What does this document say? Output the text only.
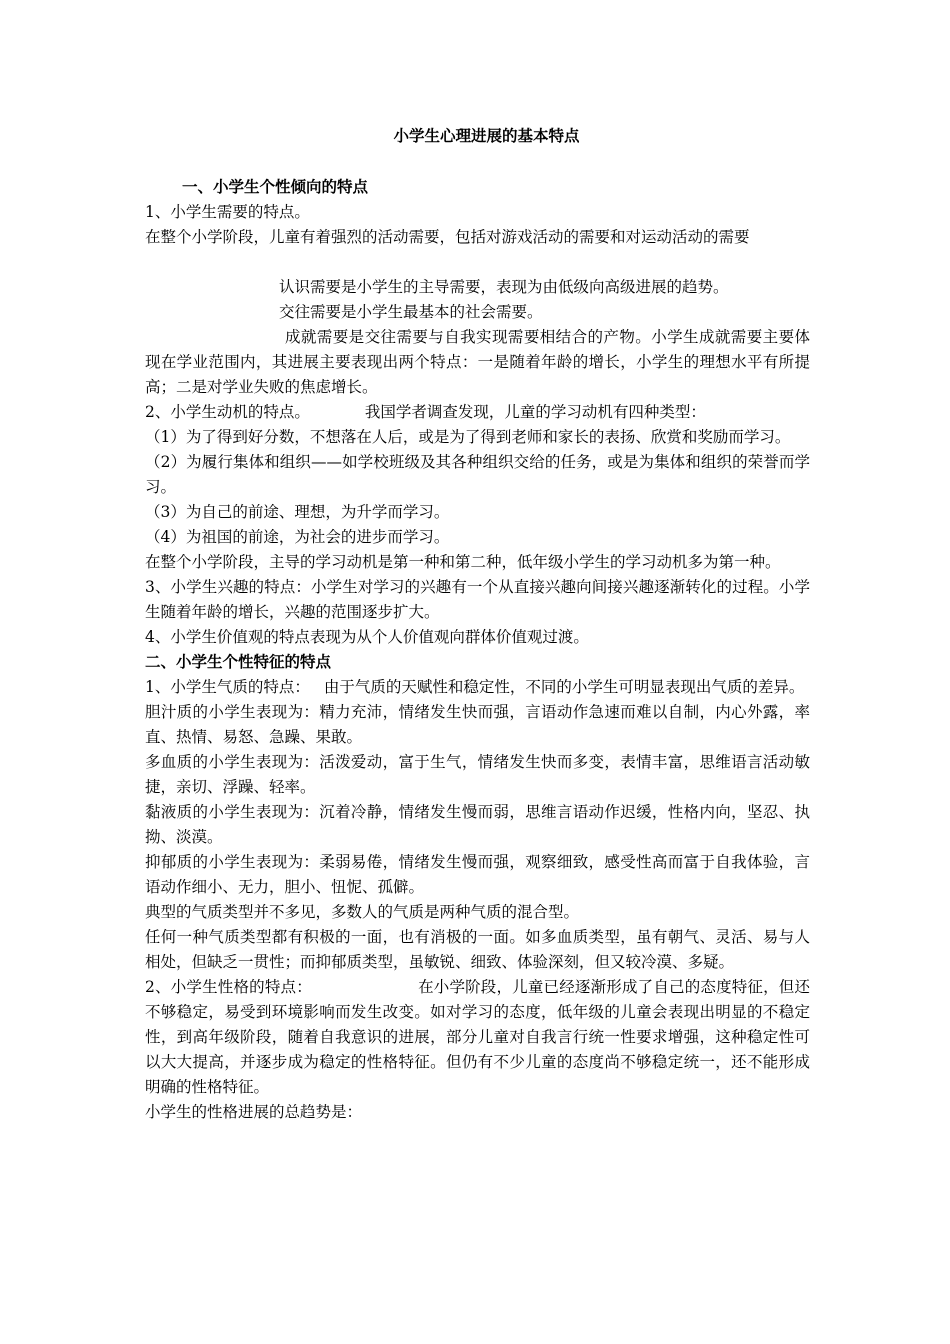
小学生心理进展的基本特点
一、小学生个性倾向的特点

1、小学生需要的特点。

在整个小学阶段，儿童有着强烈的活动需要，包括对游戏活动的需要和对运动活动的需要

认识需要是小学生的主导需要，表现为由低级向高级进展的趋势。

交往需要是小学生最基本的社会需要。

成就需要是交往需要与自我实现需要相结合的产物。小学生成就需要主要体现在学业范围内，其进展主要表现出两个特点：一是随着年龄的增长，小学生的理想水平有所提高；二是对学业失败的焦虑增长。

2、小学生动机的特点。	我国学者调查发现，儿童的学习动机有四种类型：

（1）为了得到好分数，不想落在人后，或是为了得到老师和家长的表扬、欣赏和奖励而学习。

（2）为履行集体和组织——如学校班级及其各种组织交给的任务，或是为集体和组织的荣誉而学习。

（3）为自己的前途、理想，为升学而学习。

（4）为祖国的前途，为社会的进步而学习。

在整个小学阶段，主导的学习动机是第一种和第二种，低年级小学生的学习动机多为第一种。

3、小学生兴趣的特点：小学生对学习的兴趣有一个从直接兴趣向间接兴趣逐渐转化的过程。小学生随着年龄的增长，兴趣的范围逐步扩大。

4、小学生价值观的特点表现为从个人价值观向群体价值观过渡。

二、小学生个性特征的特点

1、小学生气质的特点： 由于气质的天赋性和稳定性，不同的小学生可明显表现出气质的差异。

胆汁质的小学生表现为：精力充沛，情绪发生快而强，言语动作急速而难以自制，内心外露，率直、热情、易怒、急躁、果敢。

多血质的小学生表现为：活泼爱动，富于生气，情绪发生快而多变，表情丰富，思维语言活动敏捷，亲切、浮躁、轻率。

黏液质的小学生表现为：沉着冷静，情绪发生慢而弱，思维言语动作迟缓，性格内向，坚忍、执拗、淡漠。

抑郁质的小学生表现为：柔弱易倦，情绪发生慢而强，观察细致，感受性高而富于自我体验，言语动作细小、无力，胆小、忸怩、孤僻。

典型的气质类型并不多见，多数人的气质是两种气质的混合型。

任何一种气质类型都有积极的一面，也有消极的一面。如多血质类型，虽有朝气、灵活、易与人相处，但缺乏一贯性；而抑郁质类型，虽敏锐、细致、体验深刻，但又较冷漠、多疑。

2、小学生性格的特点：	在小学阶段，儿童已经逐渐形成了自己的态度特征，但还不够稳定，易受到环境影响而发生改变。如对学习的态度，低年级的儿童会表现出明显的不稳定性，到高年级阶段，随着自我意识的进展，部分儿童对自我言行统一性要求增强，这种稳定性可以大大提高，并逐步成为稳定的性格特征。但仍有不少儿童的态度尚不够稳定统一，还不能形成明确的性格特征。

小学生的性格进展的总趋势是：
